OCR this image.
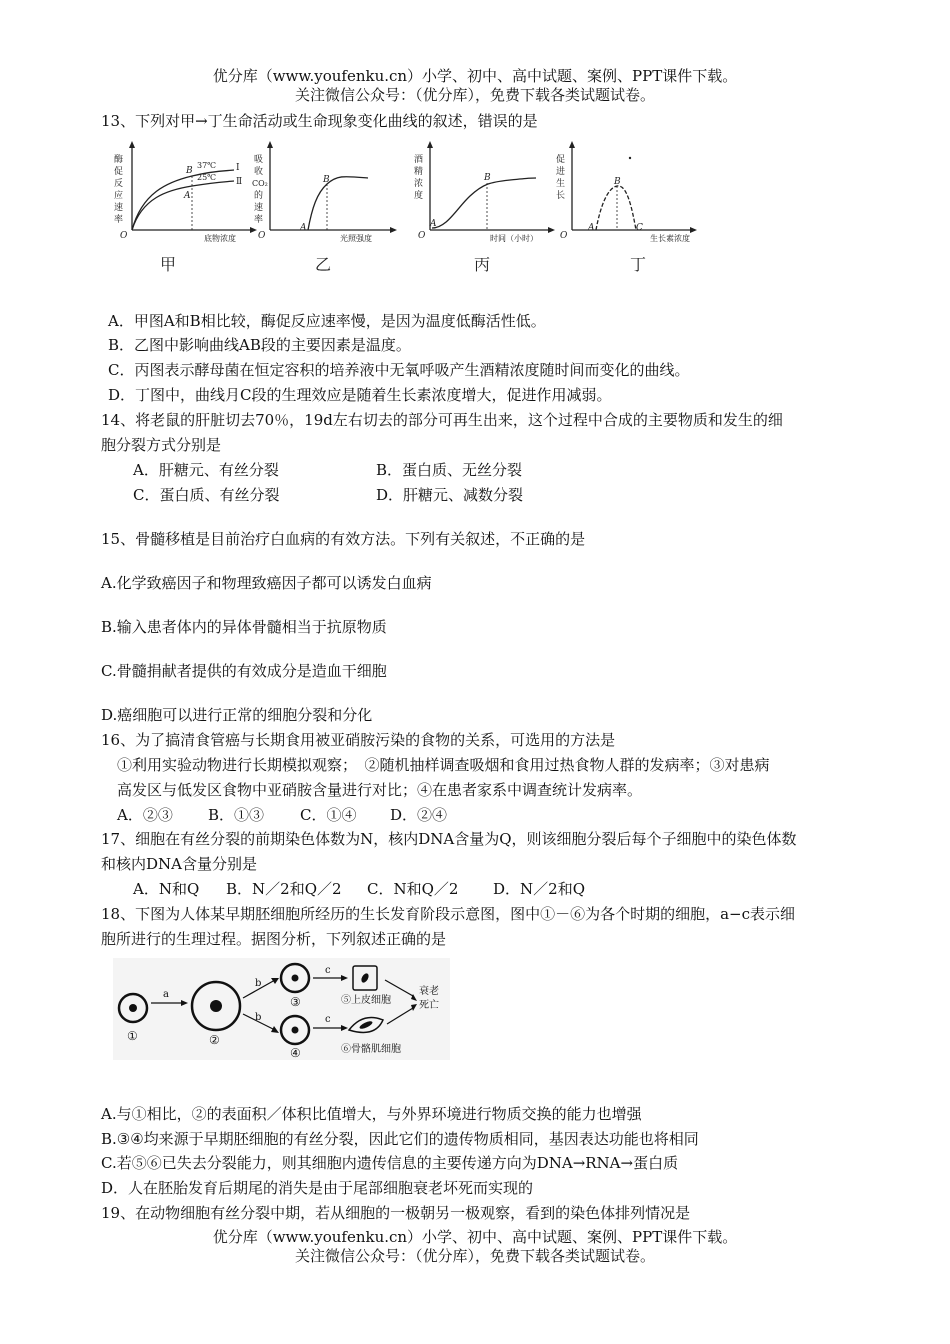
优分库（www.youfenku.cn）小学、初中、高中试题、案例、PPT课件下载。
关注微信公众号：（优分库），免费下载各类试题试卷。
13、下列对甲→丁生命活动或生命现象变化曲线的叙述，错误的是
酶
促
反
应
速
率
O	底物浓度
B
A
37℃
25℃
Ⅰ
Ⅱ
甲
吸
收
CO₂
的
速
率
O	光照强度
B
A
乙
酒
精
浓
度
O	时间（小时）
B
A
丙
促
进
生
长
O	生长素浓度
B
A	C
丁
A．甲图A和B相比较，酶促反应速率慢，是因为温度低酶活性低。
B．乙图中影响曲线AB段的主要因素是温度。
C．丙图表示酵母菌在恒定容积的培养液中无氧呼吸产生酒精浓度随时间而变化的曲线。
D．丁图中，曲线月C段的生理效应是随着生长素浓度增大，促进作用减弱。
14、将老鼠的肝脏切去70％，19d左右切去的部分可再生出来，这个过程中合成的主要物质和发生的细
胞分裂方式分别是
A．肝糖元、有丝分裂	B．蛋白质、无丝分裂
C．蛋白质、有丝分裂	D．肝糖元、减数分裂
15、骨髓移植是目前治疗白血病的有效方法。下列有关叙述，不正确的是
A.化学致癌因子和物理致癌因子都可以诱发白血病
B.输入患者体内的异体骨髓相当于抗原物质
C.骨髓捐献者提供的有效成分是造血干细胞
D.癌细胞可以进行正常的细胞分裂和分化
16、为了搞清食管癌与长期食用被亚硝胺污染的食物的关系，可选用的方法是
①利用实验动物进行长期模拟观察；　②随机抽样调查吸烟和食用过热食物人群的发病率；③对患病
高发区与低发区食物中亚硝胺含量进行对比；④在患者家系中调查统计发病率。
A．②③ B．①③ C．①④ D．②④
17、细胞在有丝分裂的前期染色体数为N，核内DNA含量为Q，则该细胞分裂后每个子细胞中的染色体数
和核内DNA含量分别是
A．N和Q B．N／2和Q／2 C．N和Q／2 D．N／2和Q
18、下图为人体某早期胚细胞所经历的生长发育阶段示意图，图中①－⑥为各个时期的细胞，a−c表示细
胞所进行的生理过程。据图分析，下列叙述正确的是
①
a
②
b
b
③
④
c
c
⑤上皮细胞
⑥骨骼肌细胞
衰老
死亡
A.与①相比，②的表面积／体积比值增大，与外界环境进行物质交换的能力也增强
B.③④均来源于早期胚细胞的有丝分裂，因此它们的遗传物质相同，基因表达功能也将相同
C.若⑤⑥已失去分裂能力，则其细胞内遗传信息的主要传递方向为DNA→RNA→蛋白质
D．人在胚胎发育后期尾的消失是由于尾部细胞衰老坏死而实现的
19、在动物细胞有丝分裂中期，若从细胞的一极朝另一极观察，看到的染色体排列情况是
优分库（www.youfenku.cn）小学、初中、高中试题、案例、PPT课件下载。
关注微信公众号：（优分库），免费下载各类试题试卷。
